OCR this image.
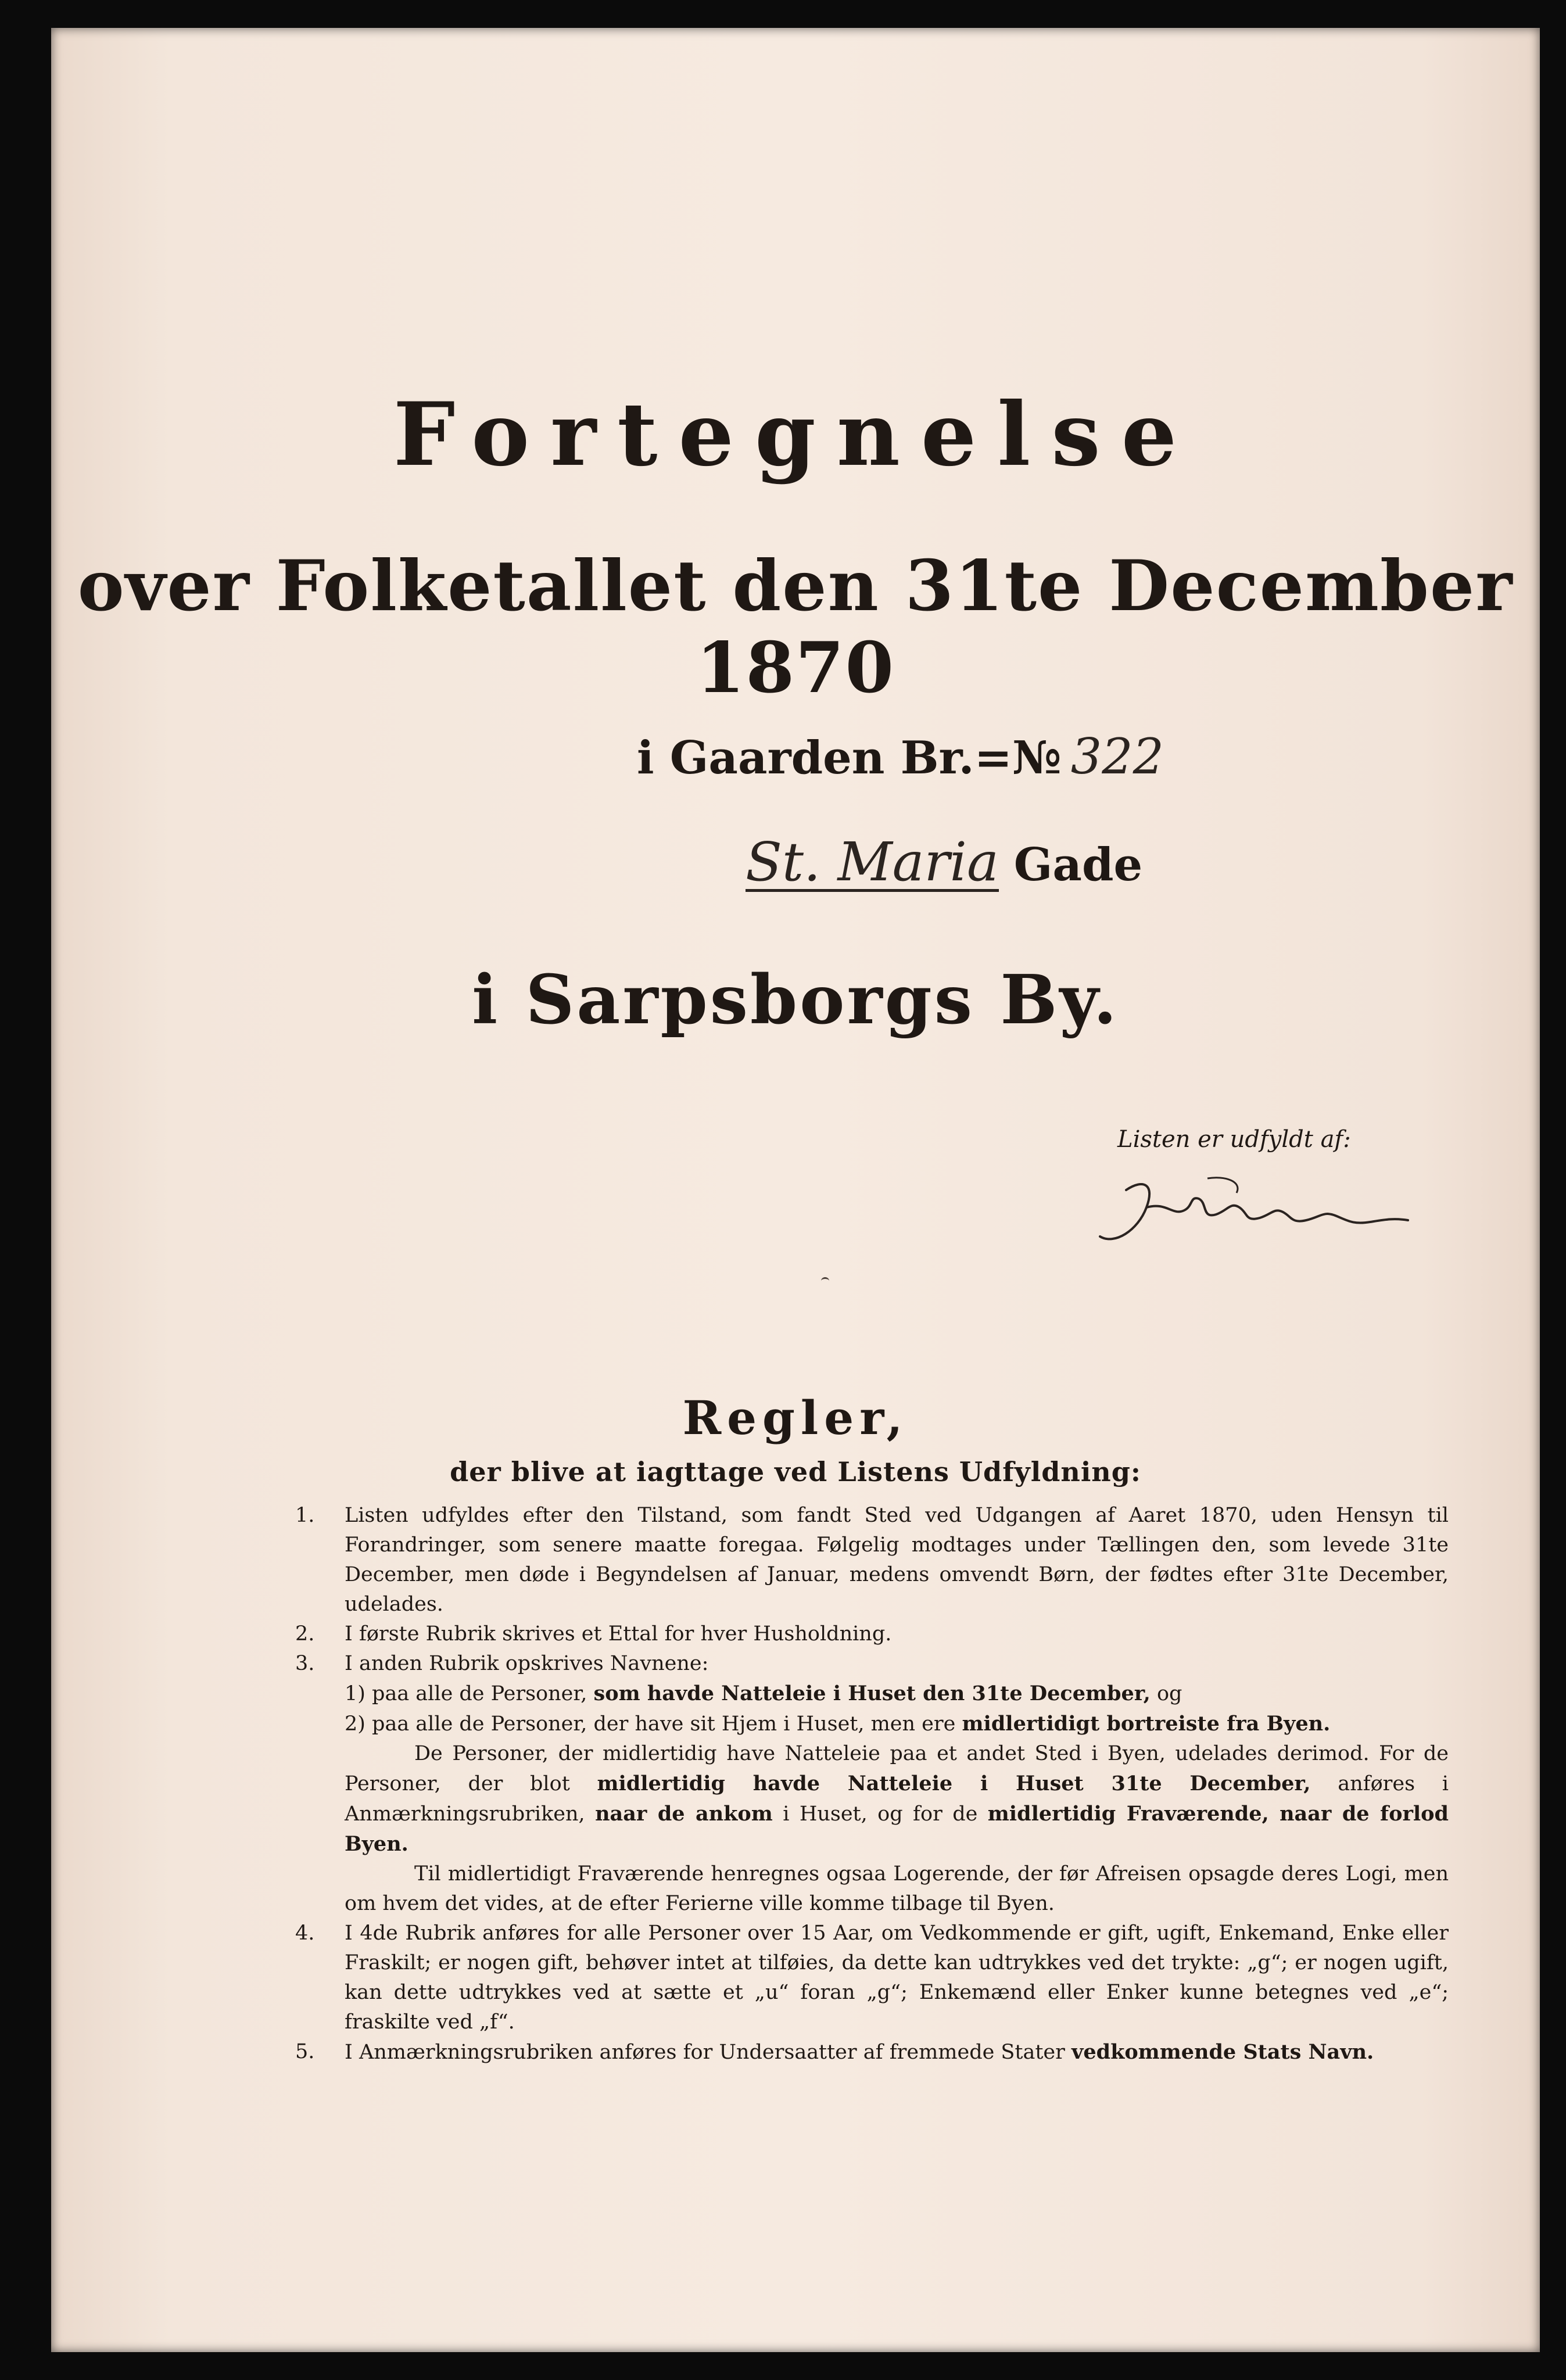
Fortegnelse
over Folketallet den 31te December 1870
i Gaarden Br.=№ 322
St. Maria Gade
i Sarpsborgs By.
Listen er udfyldt af:
Regler,
der blive at iagttage ved Listens Udfyldning:
1.	Listen udfyldes efter den Tilstand, som fandt Sted ved Udgangen af Aaret 1870, uden Hensyn til Forandringer, som senere maatte foregaa. Følgelig modtages under Tællingen den, som levede 31te December, men døde i Begyndelsen af Januar, medens omvendt Børn, der fødtes efter 31te December, udelades.
2.	I første Rubrik skrives et Ettal for hver Husholdning.
3.	I anden Rubrik opskrives Navnene:
1) paa alle de Personer, som havde Natteleie i Huset den 31te December, og
2) paa alle de Personer, der have sit Hjem i Huset, men ere midlertidigt bortreiste fra Byen.
De Personer, der midlertidig have Natteleie paa et andet Sted i Byen, udelades derimod. For de Personer, der blot midlertidig havde Natteleie i Huset 31te December, anføres i Anmærkningsrubriken, naar de ankom i Huset, og for de midlertidig Fraværende, naar de forlod Byen.
Til midlertidigt Fraværende henregnes ogsaa Logerende, der før Afreisen opsagde deres Logi, men om hvem det vides, at de efter Ferierne ville komme tilbage til Byen.
4.	I 4de Rubrik anføres for alle Personer over 15 Aar, om Vedkommende er gift, ugift, Enkemand, Enke eller Fraskilt; er nogen gift, behøver intet at tilføies, da dette kan udtrykkes ved det trykte: „g“; er nogen ugift, kan dette udtrykkes ved at sætte et „u“ foran „g“; Enkemænd eller Enker kunne betegnes ved „e“; fraskilte ved „f“.
5.	I Anmærkningsrubriken anføres for Undersaatter af fremmede Stater vedkommende Stats Navn.
